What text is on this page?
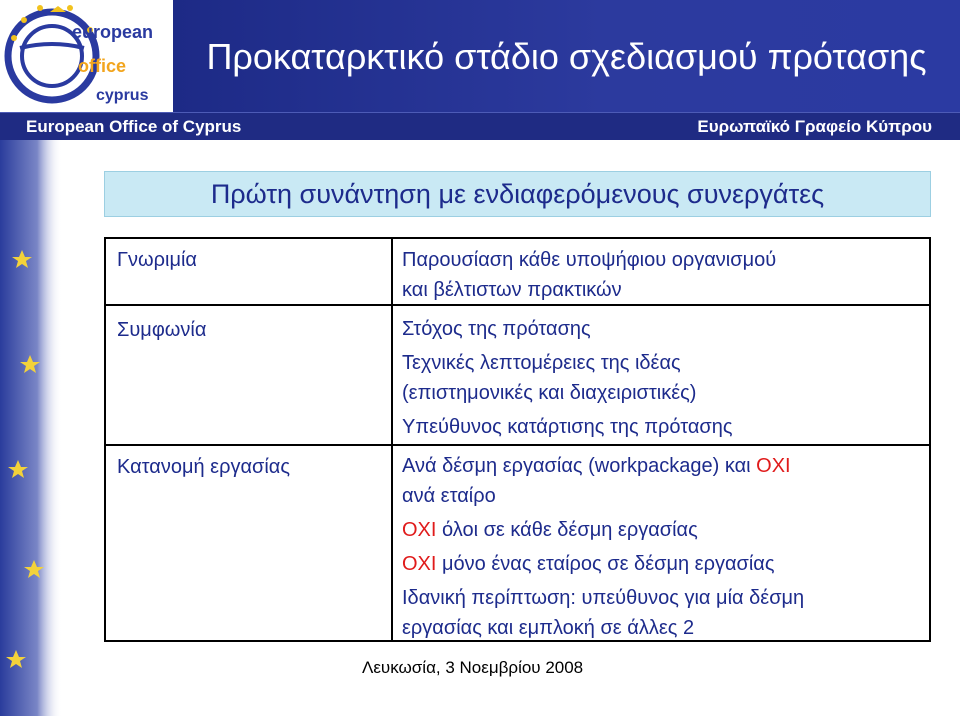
european
office
cyprus
Προκαταρκτικό στάδιο σχεδιασμού πρότασης
European Office of Cyprus	Ευρωπαϊκό Γραφείο Κύπρου
Πρώτη συνάντηση με ενδιαφερόμενους συνεργάτες
Γνωριμία	Παρουσίαση κάθε υποψήφιου οργανισμού
και βέλτιστων πρακτικών
Συμφωνία	Στόχος της πρότασης
Τεχνικές λεπτομέρειες της ιδέας
(επιστημονικές και διαχειριστικές)
Υπεύθυνος κατάρτισης της πρότασης
Κατανομή εργασίας	Ανά δέσμη εργασίας (workpackage) και ΟΧΙ
ανά εταίρο
ΟΧΙ όλοι σε κάθε δέσμη εργασίας
ΟΧΙ μόνο ένας εταίρος σε δέσμη εργασίας
Ιδανική περίπτωση: υπεύθυνος για μία δέσμη
εργασίας και εμπλοκή σε άλλες 2
Λευκωσία, 3 Νοεμβρίου 2008
